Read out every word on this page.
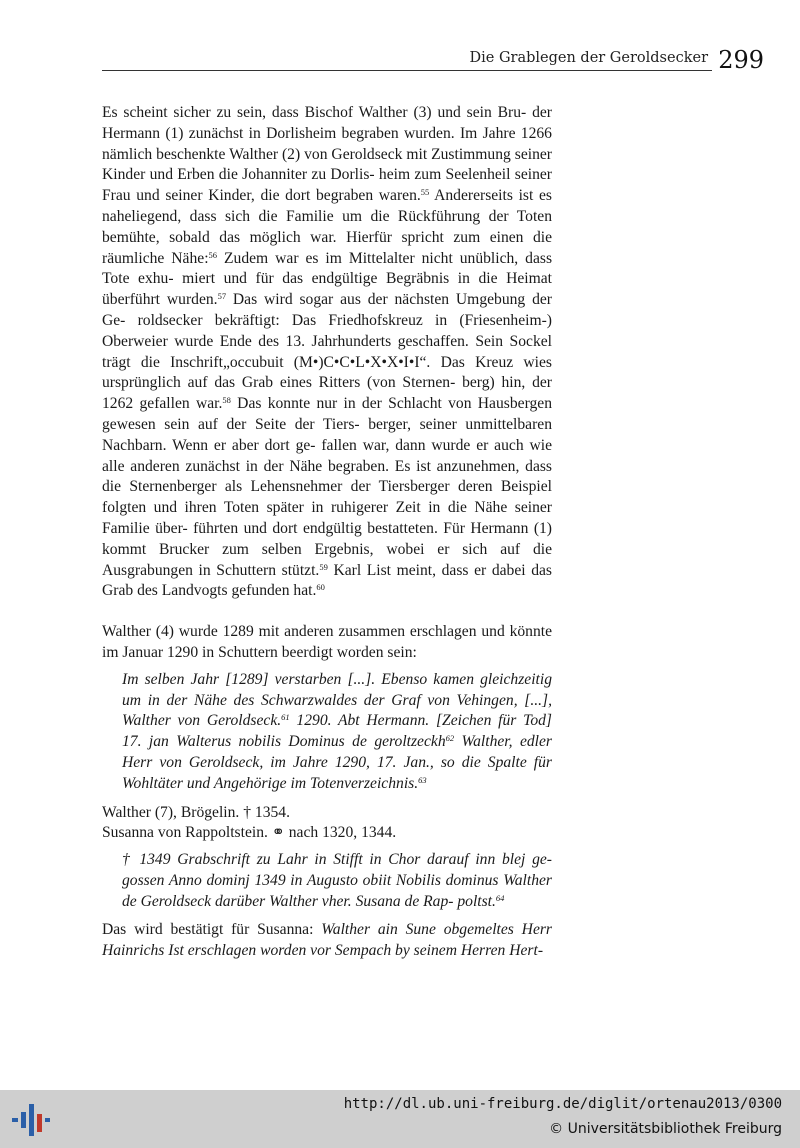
Die Grablegen der Geroldsecker 299

Es scheint sicher zu sein, dass Bischof Walther (3) und sein Bru- der Hermann (1) zunächst in Dorlisheim begraben wurden. Im Jahre 1266 nämlich beschenkte Walther (2) von Geroldseck mit Zustimmung seiner Kinder und Erben die Johanniter zu Dorlis- heim zum Seelenheil seiner Frau und seiner Kinder, die dort begraben waren.$^{55}$ Andererseits ist es naheliegend, dass sich die Familie um die Rückführung der Toten bemühte, sobald das möglich war. Hierfür spricht zum einen die räumliche Nähe:$^{56}$ Zudem war es im Mittelalter nicht unüblich, dass Tote exhu- miert und für das endgültige Begräbnis in die Heimat überführt wurden.$^{57}$ Das wird sogar aus der nächsten Umgebung der Ge- roldsecker bekräftigt: Das Friedhofskreuz in (Friesenheim-) Oberweier wurde Ende des 13. Jahrhunderts geschaffen. Sein Sockel trägt die Inschrift„occubuit (M•)C•C•L•X•X•I•I“. Das Kreuz wies ursprünglich auf das Grab eines Ritters (von Sternen- berg) hin, der 1262 gefallen war.$^{58}$ Das konnte nur in der Schlacht von Hausbergen gewesen sein auf der Seite der Tiers- berger, seiner unmittelbaren Nachbarn. Wenn er aber dort ge- fallen war, dann wurde er auch wie alle anderen zunächst in der Nähe begraben. Es ist anzunehmen, dass die Sternenberger als Lehensnehmer der Tiersberger deren Beispiel folgten und ihren Toten später in ruhigerer Zeit in die Nähe seiner Familie über- führten und dort endgültig bestatteten. Für Hermann (1) kommt Brucker zum selben Ergebnis, wobei er sich auf die Ausgrabungen in Schuttern stützt.$^{59}$ Karl List meint, dass er dabei das Grab des Landvogts gefunden hat.$^{60}$

Walther (4) wurde 1289 mit anderen zusammen erschlagen und könnte im Januar 1290 in Schuttern beerdigt worden sein:

Im selben Jahr [1289] verstarben [...]. Ebenso kamen gleichzeitig um in der Nähe des Schwarzwaldes der Graf von Vehingen, [...], Walther von Geroldseck.$^{61}$ 1290. Abt Hermann. [Zeichen für Tod] 17. jan Walterus nobilis Dominus de geroltzeckh$^{62}$ Walther, edler Herr von Geroldseck, im Jahre 1290, 17. Jan., so die Spalte für Wohltäter und Angehörige im Totenverzeichnis.$^{63}$

Walther (7), Brögelin. † 1354.

Susanna von Rappoltstein. ⚭ nach 1320, 1344.

† 1349 Grabschrift zu Lahr in Stifft in Chor darauf inn blej ge- gossen Anno dominj 1349 in Augusto obiit Nobilis dominus Walther de Geroldseck darüber Walther vher. Susana de Rap- poltst.$^{64}$

Das wird bestätigt für Susanna: Walther ain Sune obgemeltes Herr Hainrichs Ist erschlagen worden vor Sempach by seinem Herren Hert-

http://dl.ub.uni-freiburg.de/diglit/ortenau2013/0300
© Universitätsbibliothek Freiburg
